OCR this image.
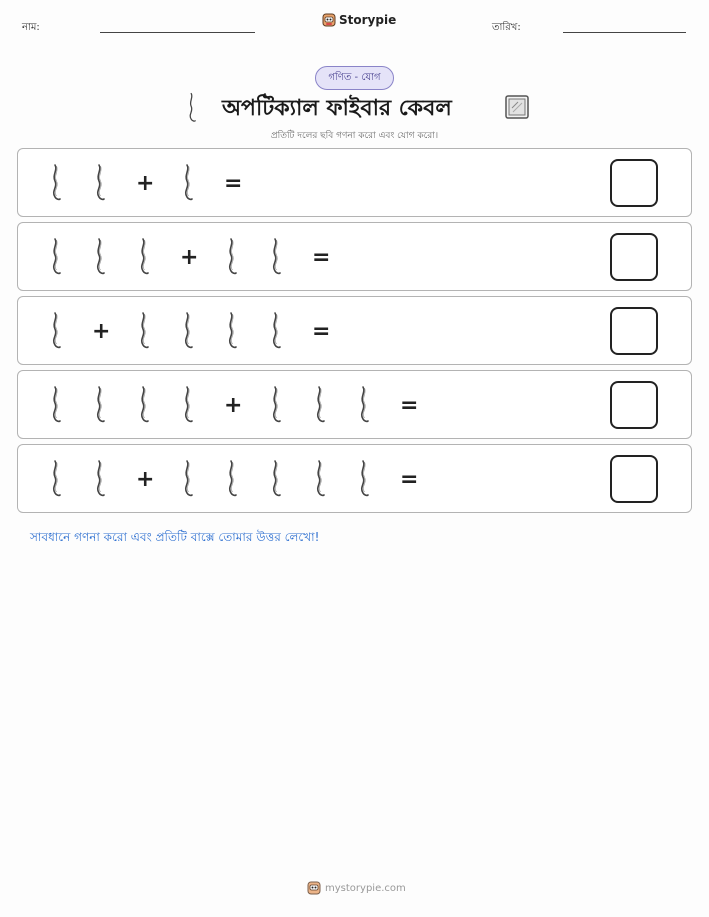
নাম:
Storypie
তারিখ:
গণিত - যোগ
অপটিক্যাল ফাইবার কেবল
প্রতিটি দলের ছবি গণনা করো এবং যোগ করো।
+	=
+	=
+	=
+	=
+	=
সাবধানে গণনা করো এবং প্রতিটি বাক্সে তোমার উত্তর লেখো!
mystorypie.com
